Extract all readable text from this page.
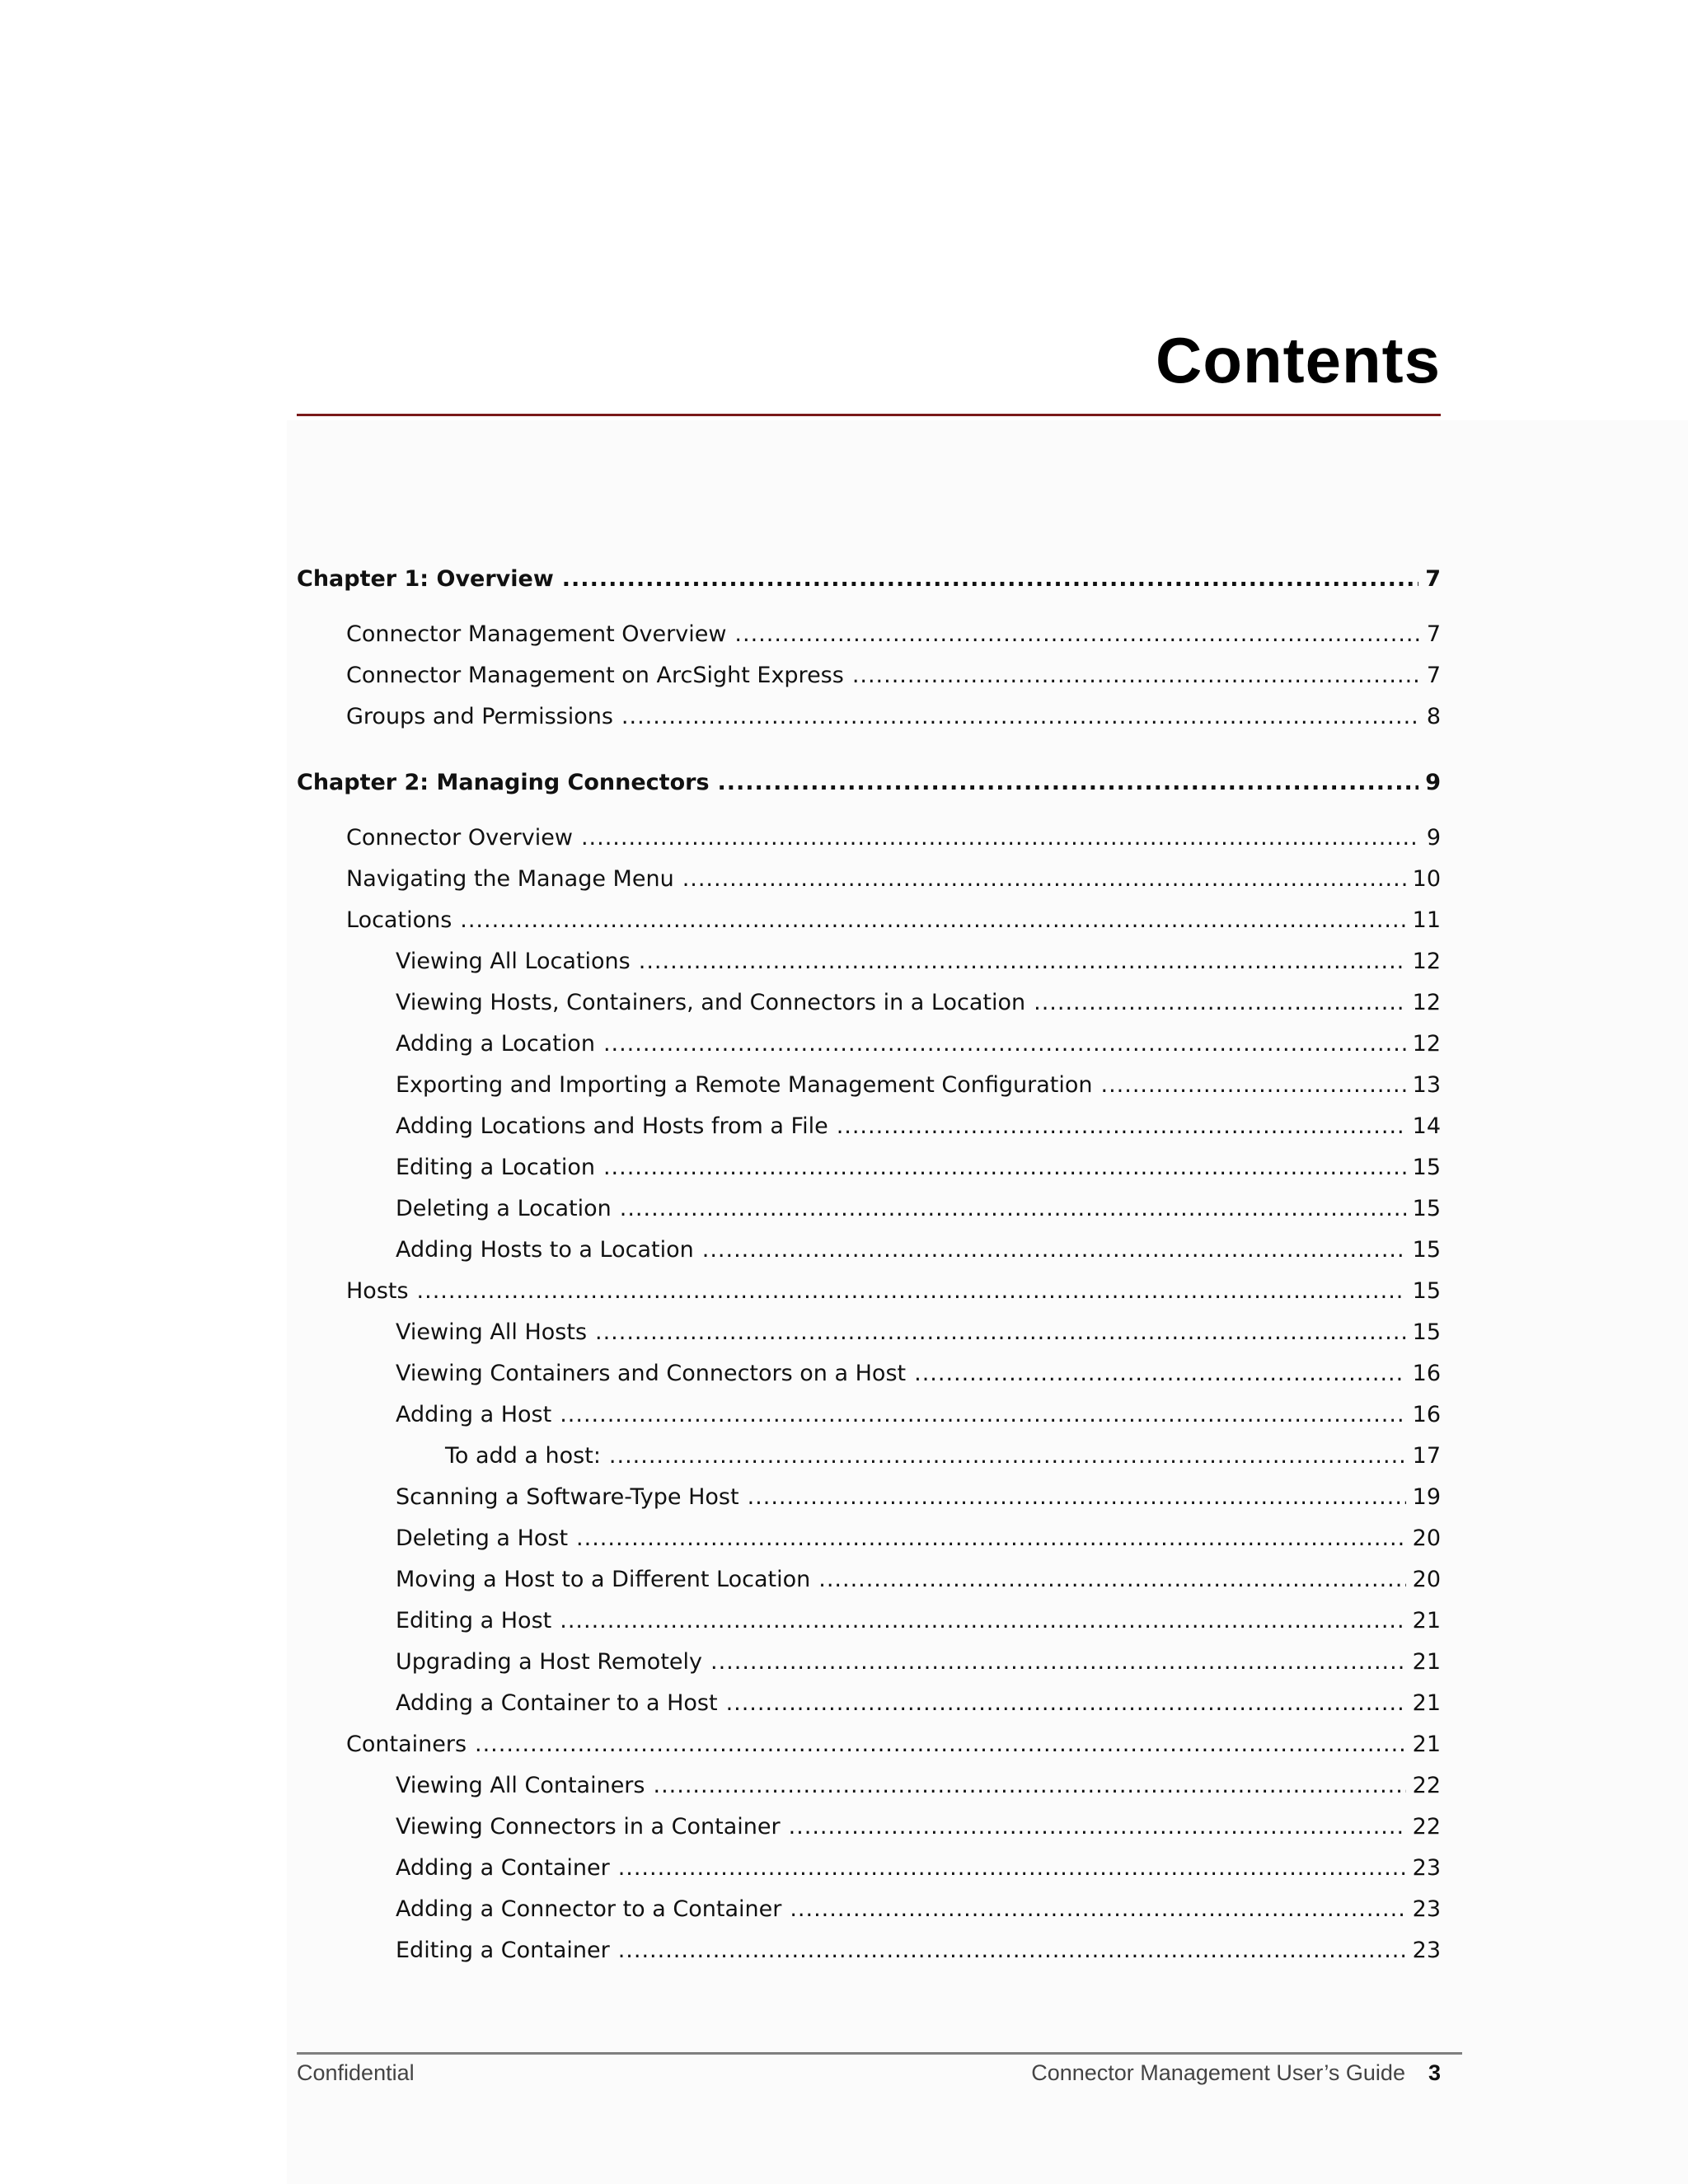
Contents
Chapter 1: Overview .....	7
Connector Management Overview .....	7
Connector Management on ArcSight Express .....	7
Groups and Permissions .....	8
Chapter 2: Managing Connectors .....	9
Connector Overview .....	9
Navigating the Manage Menu .....	10
Locations .....	11
Viewing All Locations .....	12
Viewing Hosts, Containers, and Connectors in a Location .....	12
Adding a Location .....	12
Exporting and Importing a Remote Management Configuration .....	13
Adding Locations and Hosts from a File .....	14
Editing a Location .....	15
Deleting a Location .....	15
Adding Hosts to a Location .....	15
Hosts .....	15
Viewing All Hosts .....	15
Viewing Containers and Connectors on a Host .....	16
Adding a Host .....	16
To add a host: .....	17
Scanning a Software-Type Host .....	19
Deleting a Host .....	20
Moving a Host to a Different Location .....	20
Editing a Host .....	21
Upgrading a Host Remotely .....	21
Adding a Container to a Host .....	21
Containers .....	21
Viewing All Containers .....	22
Viewing Connectors in a Container .....	22
Adding a Container .....	23
Adding a Connector to a Container .....	23
Editing a Container .....	23
Confidential	Connector Management User’s Guide 3
